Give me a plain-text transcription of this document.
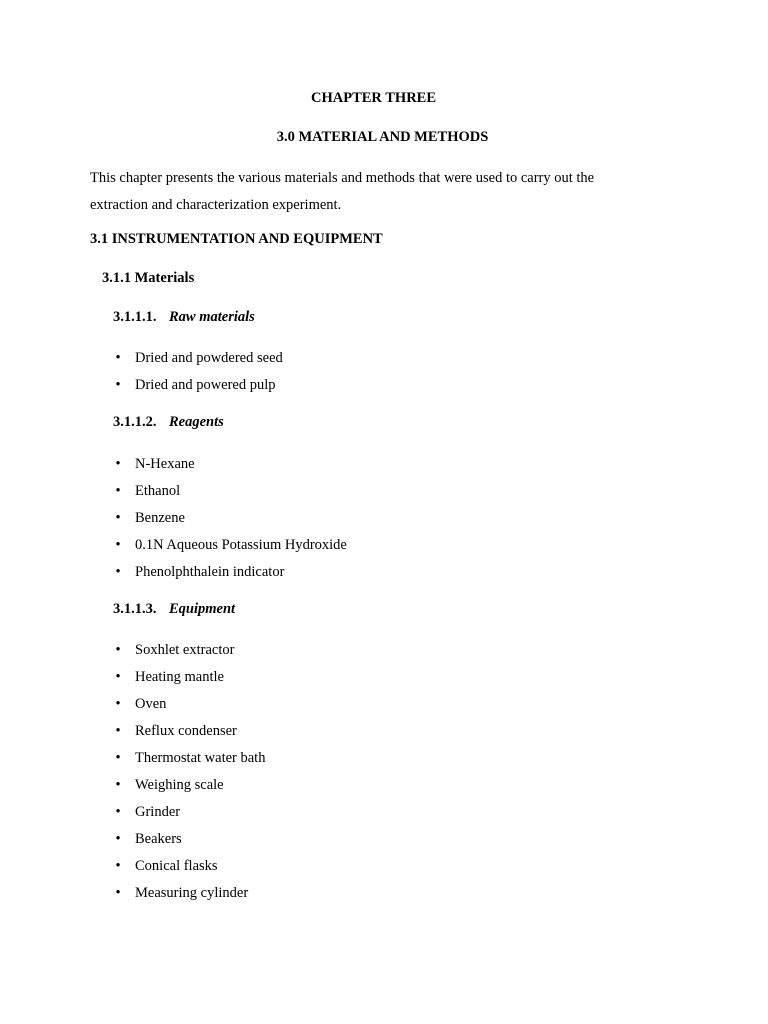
CHAPTER THREE
3.0 MATERIAL AND METHODS
This chapter presents the various materials and methods that were used to carry out the extraction and characterization experiment.
3.1 INSTRUMENTATION AND EQUIPMENT
3.1.1 Materials
3.1.1.1. Raw materials
• Dried and powdered seed
• Dried and powered pulp
3.1.1.2. Reagents
• N-Hexane
• Ethanol
• Benzene
• 0.1N Aqueous Potassium Hydroxide
• Phenolphthalein indicator
3.1.1.3. Equipment
• Soxhlet extractor
• Heating mantle
• Oven
• Reflux condenser
• Thermostat water bath
• Weighing scale
• Grinder
• Beakers
• Conical flasks
• Measuring cylinder
